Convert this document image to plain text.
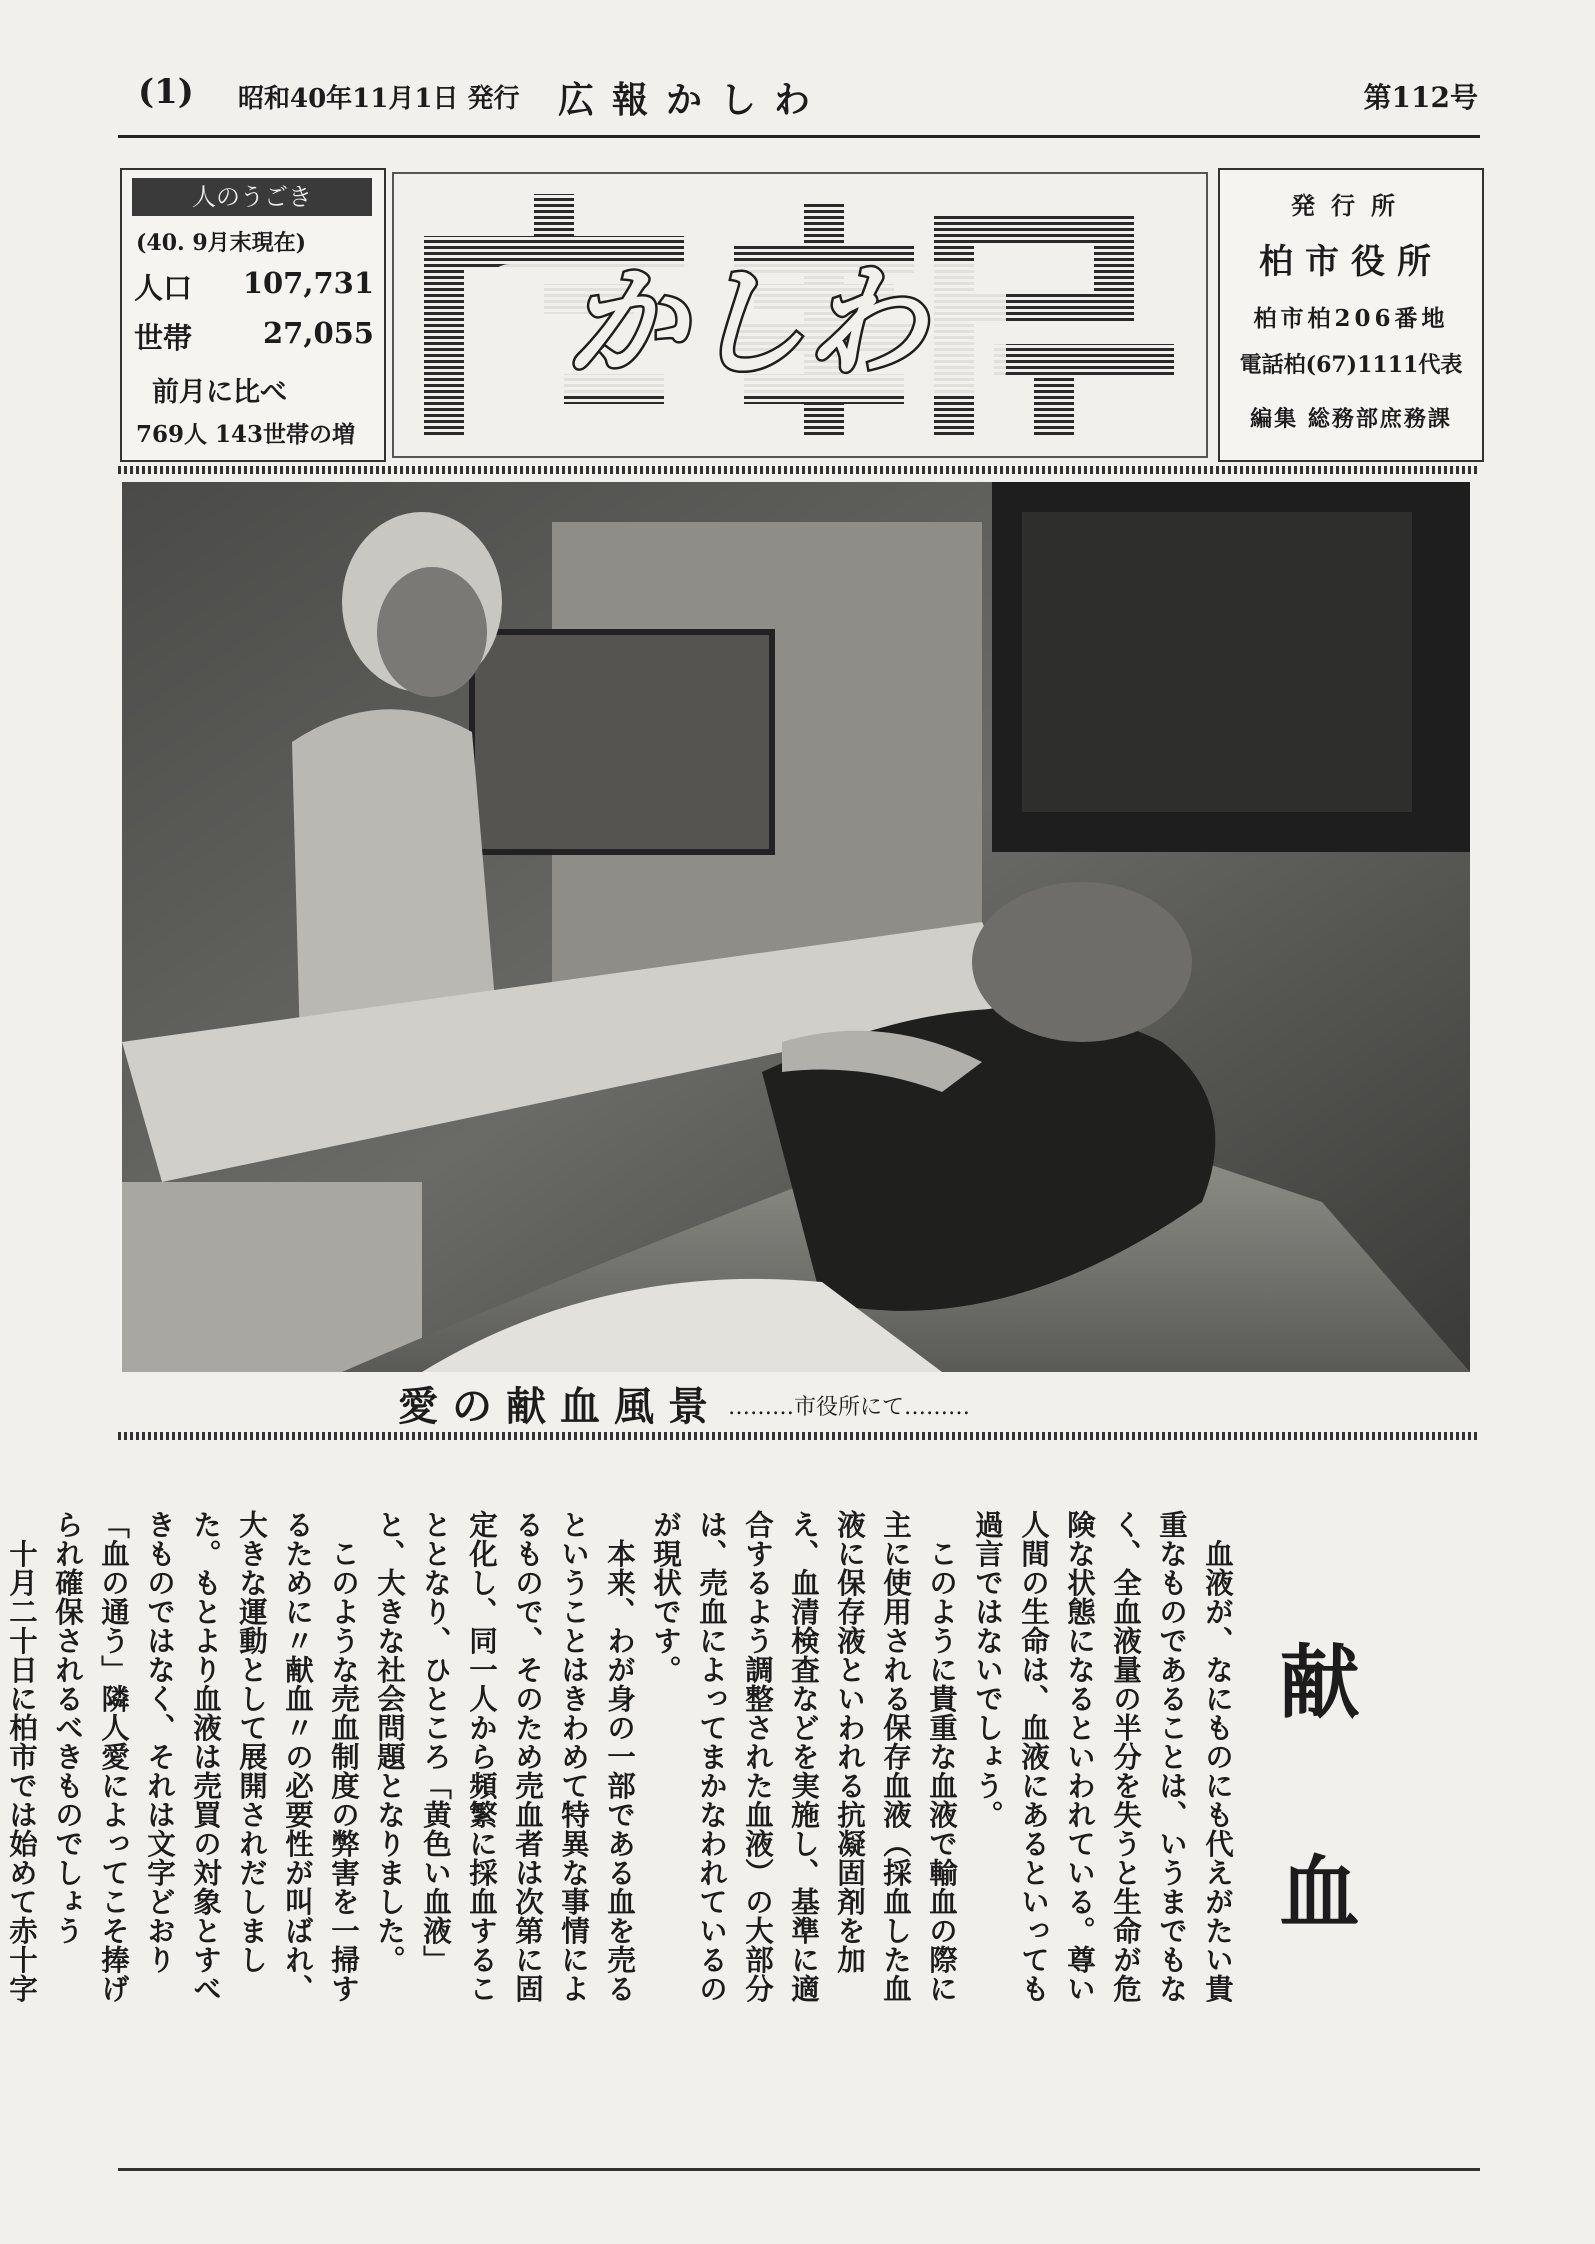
(1) 昭和40年11月1日 発行 広報かしわ	第112号
人のうごき
(40. 9月末現在)
人口 107,731
世帯 27,055
前月に比べ
769人 143世帯の増
かしわ
発行所
柏市役所
柏市柏206番地
電話柏(67)1111代表
編集 総務部庶務課
愛の献血風景 ………市役所にて………
献血

血液が、なにものにも代えがたい貴重なものであることは、いうまでもなく、全血液量の半分を失うと生命が危険な状態になるといわれている。尊い人間の生命は、血液にあるといっても過言ではないでしょう。

このように貴重な血液で輸血の際に主に使用される保存血液（採血した血液に保存液といわれる抗凝固剤を加え、血清検査などを実施し、基準に適合するよう調整された血液）の大部分は、売血によってまかなわれているのが現状です。

本来、わが身の一部である血を売るということはきわめて特異な事情によるもので、そのため売血者は次第に固定化し、同一人から頻繁に採血することとなり、ひところ「黄色い血液」と、大きな社会問題となりました。

このような売血制度の弊害を一掃するために〃献血〃の必要性が叫ばれ、大きな運動として展開されだしました。もとより血液は売買の対象とすべきものではなく、それは文字どおり「血の通う」隣人愛によってこそ捧げられ確保されるべきものでしょう

十月二十日に柏市では始めて赤十字
